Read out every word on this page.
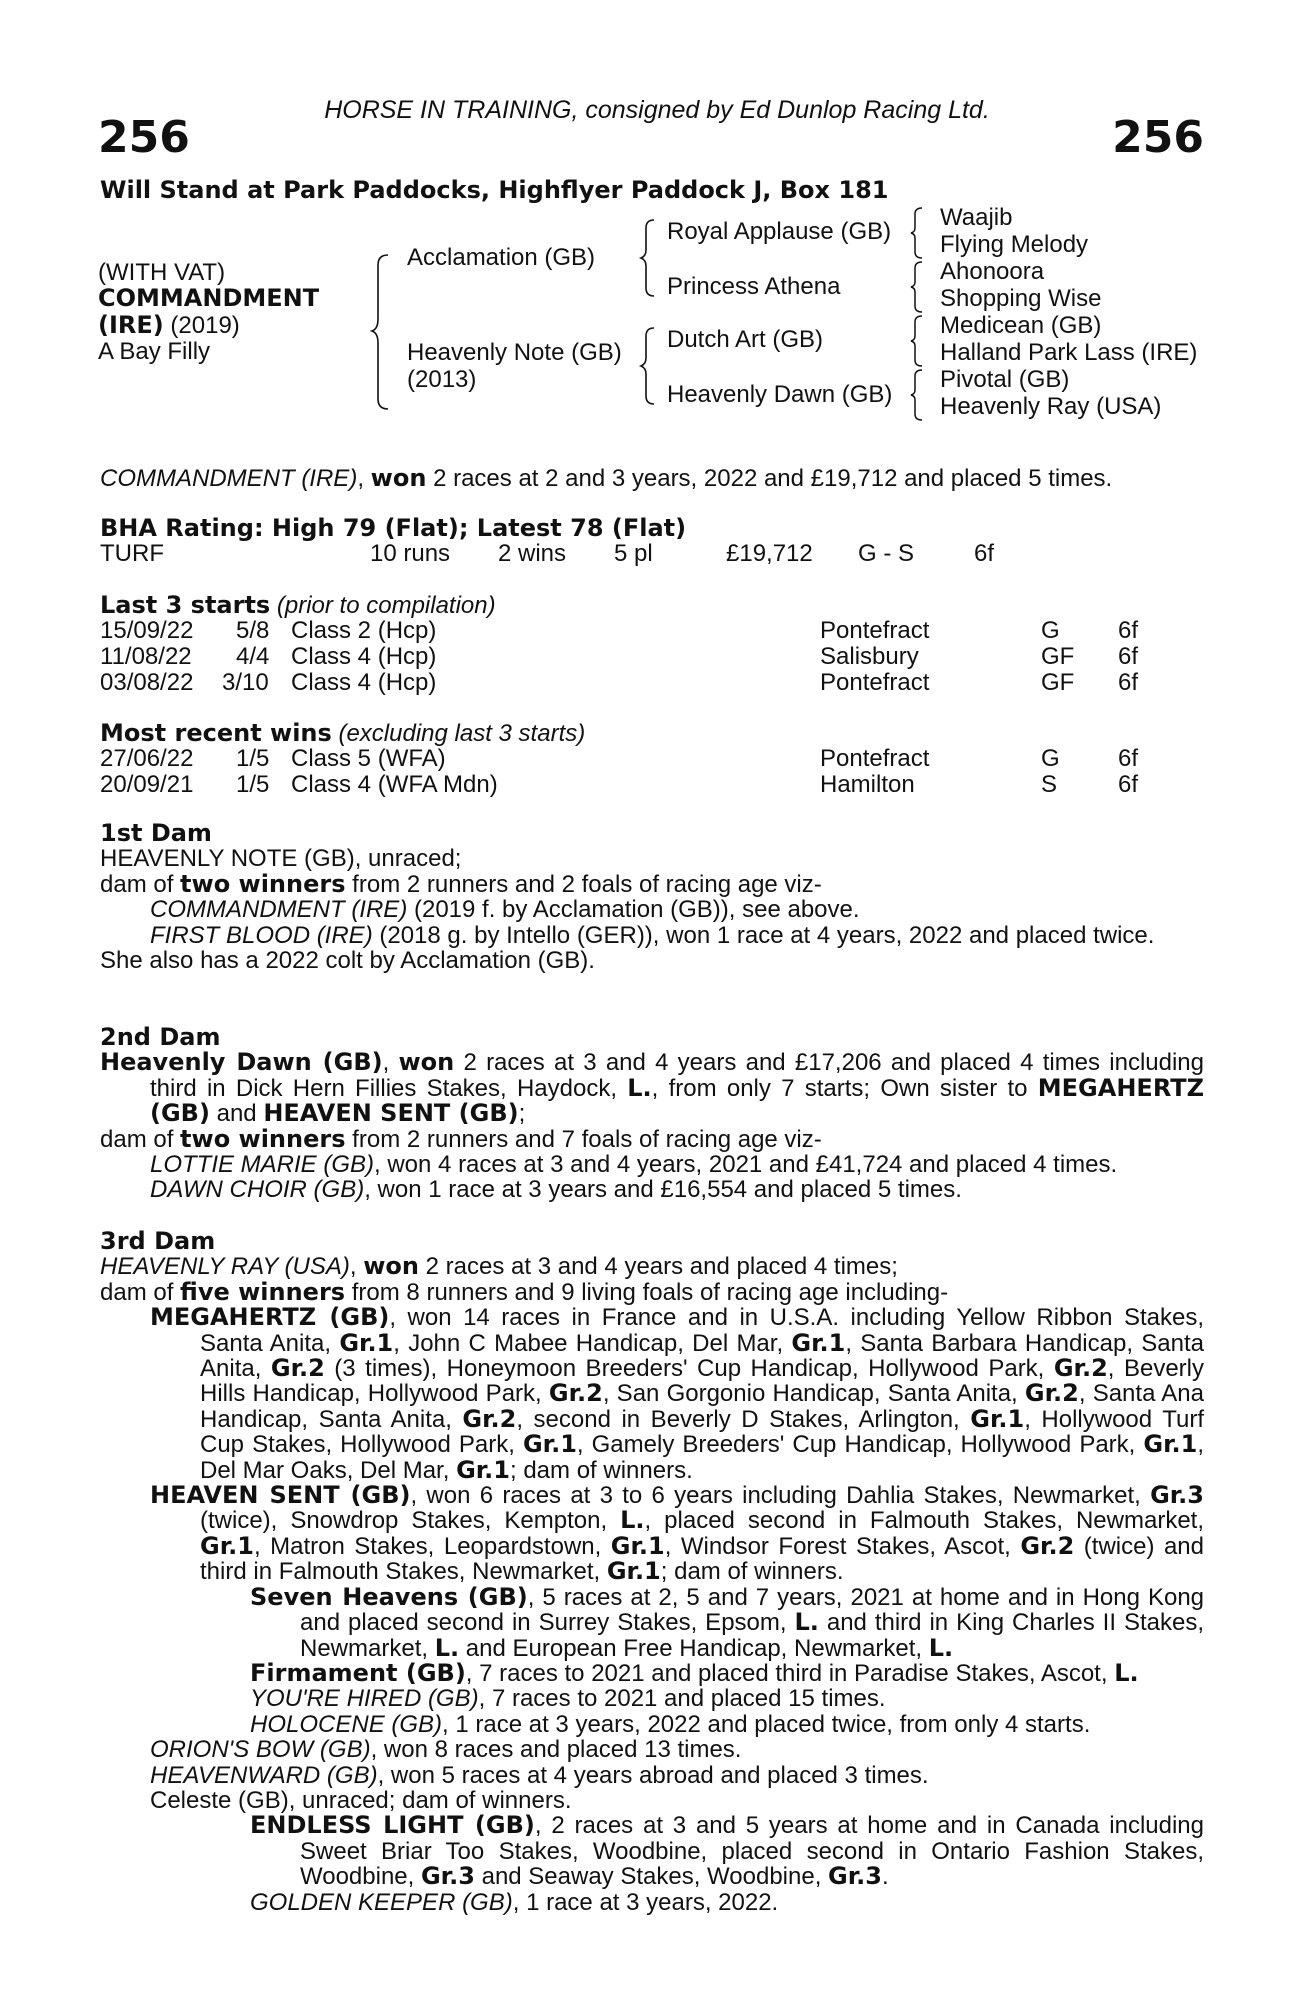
HORSE IN TRAINING, consigned by Ed Dunlop Racing Ltd.
256	256
Will Stand at Park Paddocks, Highflyer Paddock J, Box 181
(WITH VAT)
COMMANDMENT
(IRE) (2019)
A Bay Filly
Acclamation (GB)
Heavenly Note (GB)
(2013)
Royal Applause (GB)
Princess Athena
Dutch Art (GB)
Heavenly Dawn (GB)
Waajib
Flying Melody
Ahonoora
Shopping Wise
Medicean (GB)
Halland Park Lass (IRE)
Pivotal (GB)
Heavenly Ray (USA)
COMMANDMENT (IRE), won 2 races at 2 and 3 years, 2022 and £19,712 and placed 5 times.
BHA Rating: High 79 (Flat); Latest 78 (Flat)
TURF	10 runs 2 wins 5 pl	£19,712 G - S 6f
Last 3 starts (prior to compilation)
15/09/22 5/8 Class 2 (Hcp)	Pontefract	G 6f
11/08/22 4/4 Class 4 (Hcp)	Salisbury	GF 6f
03/08/22 3/10 Class 4 (Hcp)	Pontefract	GF 6f
Most recent wins (excluding last 3 starts)
27/06/22 1/5 Class 5 (WFA)	Pontefract	G 6f
20/09/21 1/5 Class 4 (WFA Mdn)	Hamilton	S	6f

1st Dam

HEAVENLY NOTE (GB), unraced;

dam of two winners from 2 runners and 2 foals of racing age viz-

COMMANDMENT (IRE) (2019 f. by Acclamation (GB)), see above.

FIRST BLOOD (IRE) (2018 g. by Intello (GER)), won 1 race at 4 years, 2022 and placed twice.

She also has a 2022 colt by Acclamation (GB).

2nd Dam

Heavenly Dawn (GB), won 2 races at 3 and 4 years and £17,206 and placed 4 times including third in Dick Hern Fillies Stakes, Haydock, L., from only 7 starts; Own sister to MEGAHERTZ (GB) and HEAVEN SENT (GB);

dam of two winners from 2 runners and 7 foals of racing age viz-

LOTTIE MARIE (GB), won 4 races at 3 and 4 years, 2021 and £41,724 and placed 4 times.

DAWN CHOIR (GB), won 1 race at 3 years and £16,554 and placed 5 times.

3rd Dam

HEAVENLY RAY (USA), won 2 races at 3 and 4 years and placed 4 times;

dam of five winners from 8 runners and 9 living foals of racing age including-

MEGAHERTZ (GB), won 14 races in France and in U.S.A. including Yellow Ribbon Stakes, Santa Anita, Gr.1, John C Mabee Handicap, Del Mar, Gr.1, Santa Barbara Handicap, Santa Anita, Gr.2 (3 times), Honeymoon Breeders' Cup Handicap, Hollywood Park, Gr.2, Beverly Hills Handicap, Hollywood Park, Gr.2, San Gorgonio Handicap, Santa Anita, Gr.2, Santa Ana Handicap, Santa Anita, Gr.2, second in Beverly D Stakes, Arlington, Gr.1, Hollywood Turf Cup Stakes, Hollywood Park, Gr.1, Gamely Breeders' Cup Handicap, Hollywood Park, Gr.1, Del Mar Oaks, Del Mar, Gr.1; dam of winners.

HEAVEN SENT (GB), won 6 races at 3 to 6 years including Dahlia Stakes, Newmarket, Gr.3 (twice), Snowdrop Stakes, Kempton, L., placed second in Falmouth Stakes, Newmarket, Gr.1, Matron Stakes, Leopardstown, Gr.1, Windsor Forest Stakes, Ascot, Gr.2 (twice) and third in Falmouth Stakes, Newmarket, Gr.1; dam of winners.

Seven Heavens (GB), 5 races at 2, 5 and 7 years, 2021 at home and in Hong Kong and placed second in Surrey Stakes, Epsom, L. and third in King Charles II Stakes, Newmarket, L. and European Free Handicap, Newmarket, L.

Firmament (GB), 7 races to 2021 and placed third in Paradise Stakes, Ascot, L.

YOU'RE HIRED (GB), 7 races to 2021 and placed 15 times.

HOLOCENE (GB), 1 race at 3 years, 2022 and placed twice, from only 4 starts.

ORION'S BOW (GB), won 8 races and placed 13 times.

HEAVENWARD (GB), won 5 races at 4 years abroad and placed 3 times.

Celeste (GB), unraced; dam of winners.

ENDLESS LIGHT (GB), 2 races at 3 and 5 years at home and in Canada including Sweet Briar Too Stakes, Woodbine, placed second in Ontario Fashion Stakes, Woodbine, Gr.3 and Seaway Stakes, Woodbine, Gr.3.

GOLDEN KEEPER (GB), 1 race at 3 years, 2022.
